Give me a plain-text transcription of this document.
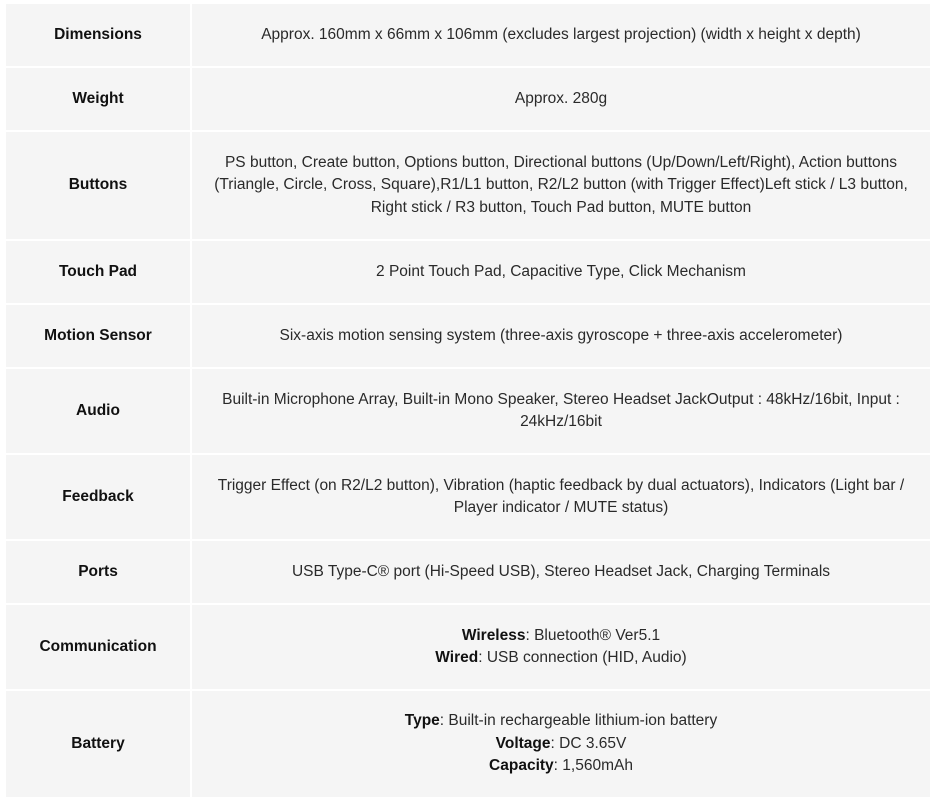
Dimensions	Approx. 160mm x 66mm x 106mm (excludes largest projection) (width x height x depth)
Weight	Approx. 280g
Buttons	PS button, Create button, Options button, Directional buttons (Up/Down/Left/Right), Action buttons (Triangle, Circle, Cross, Square),R1/L1 button, R2/L2 button (with Trigger Effect)Left stick / L3 button, Right stick / R3 button, Touch Pad button, MUTE button
Touch Pad	2 Point Touch Pad, Capacitive Type, Click Mechanism
Motion Sensor	Six-axis motion sensing system (three-axis gyroscope + three-axis accelerometer)
Audio	Built-in Microphone Array, Built-in Mono Speaker, Stereo Headset JackOutput : 48kHz/16bit, Input : 24kHz/16bit
Feedback	Trigger Effect (on R2/L2 button), Vibration (haptic feedback by dual actuators), Indicators (Light bar / Player indicator / MUTE status)
Ports	USB Type-C® port (Hi-Speed USB), Stereo Headset Jack, Charging Terminals
Communication	Wireless: Bluetooth® Ver5.1
Wired: USB connection (HID, Audio)

Battery	Type: Built-in rechargeable lithium-ion battery
Voltage: DC 3.65V
Capacity: 1,560mAh
